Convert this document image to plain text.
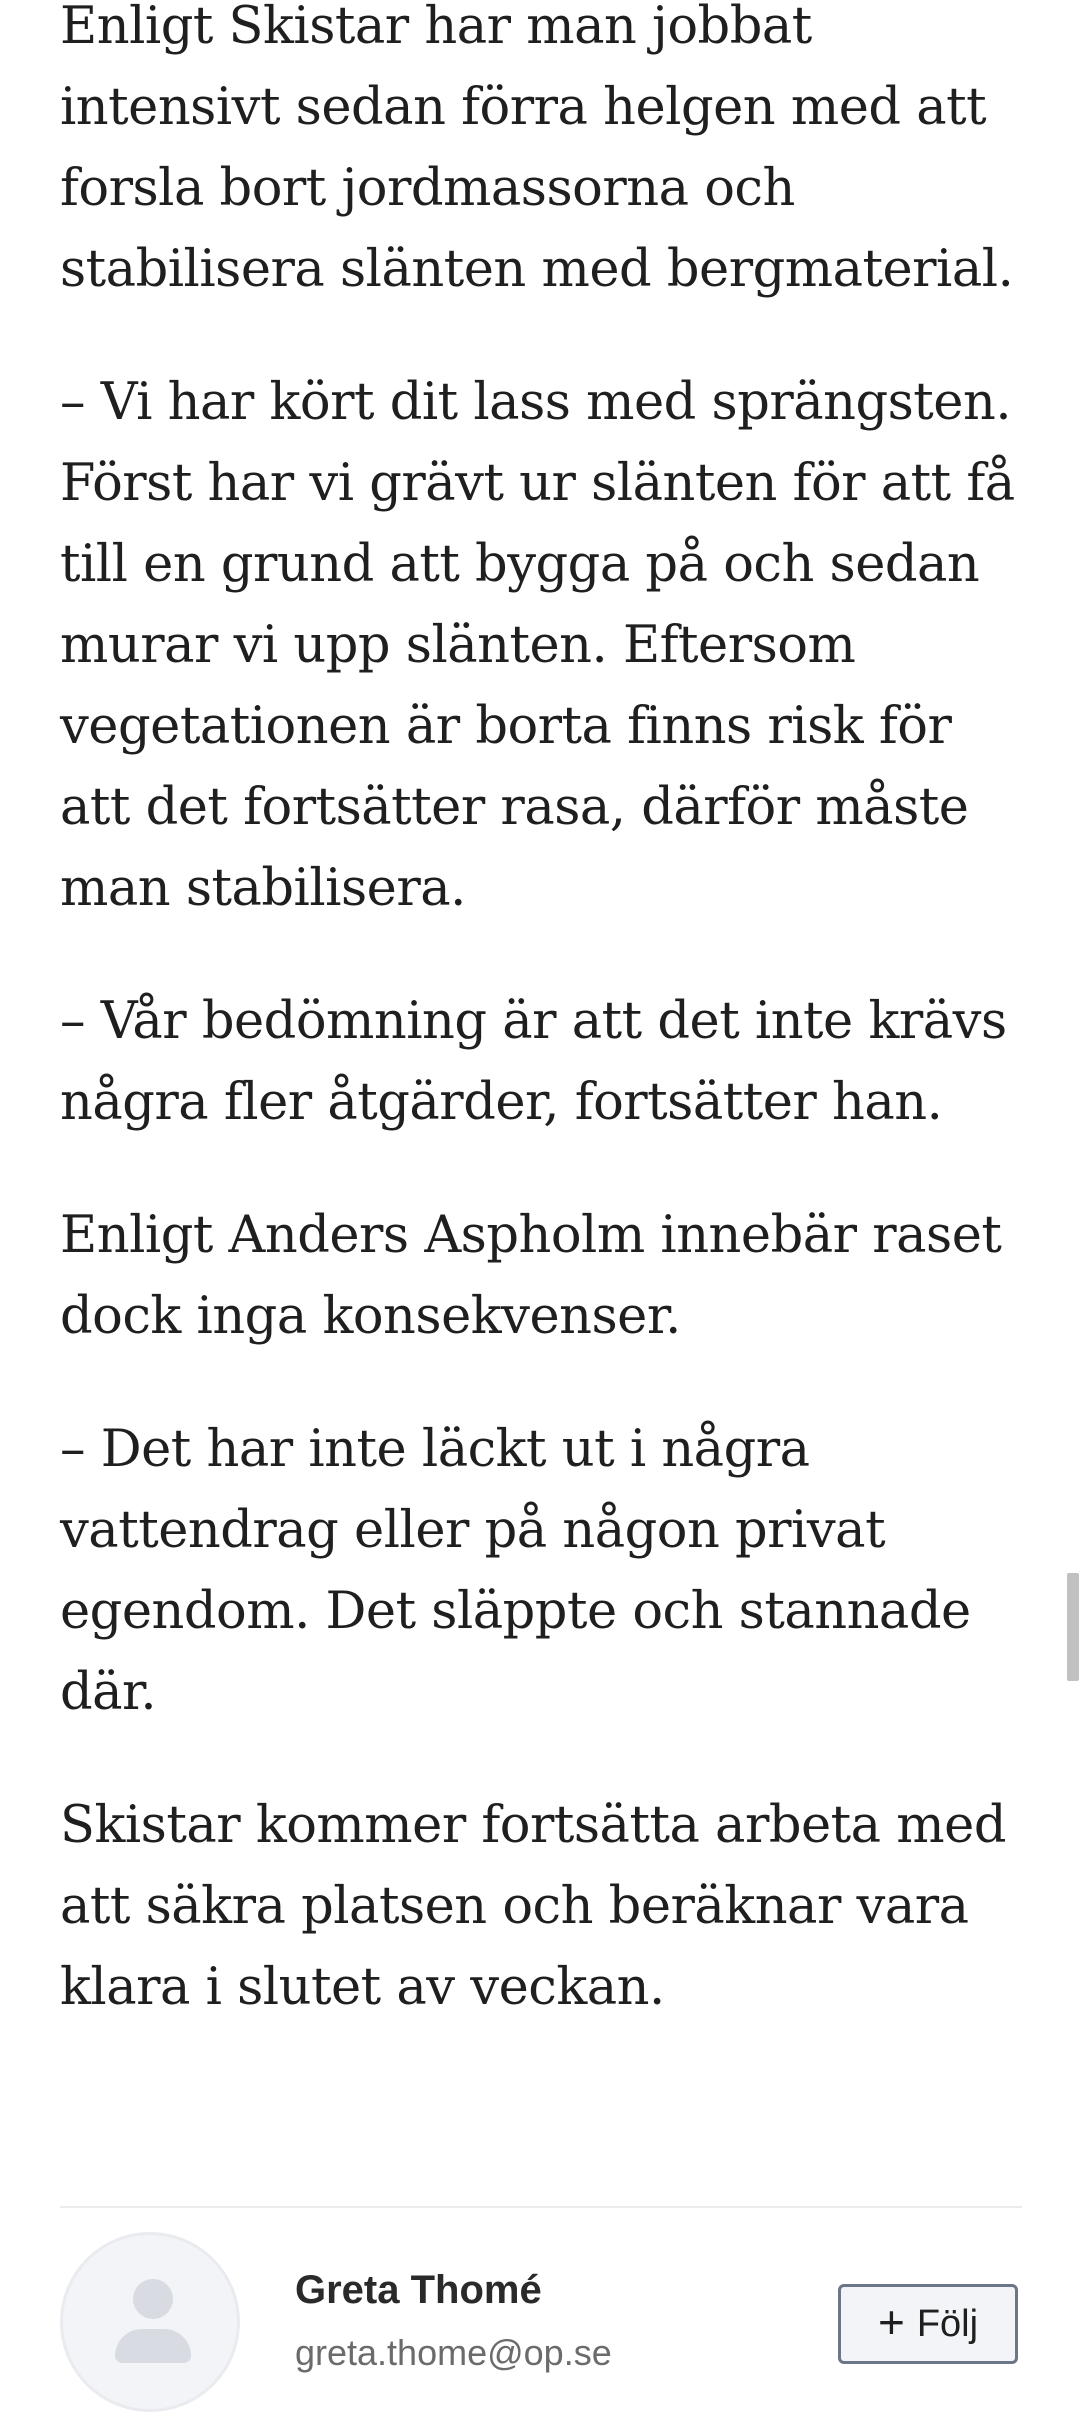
Enligt Skistar har man jobbat intensivt sedan förra helgen med att forsla bort jordmassorna och stabilisera slänten med bergmaterial.

– Vi har kört dit lass med sprängsten. Först har vi grävt ur slänten för att få till en grund att bygga på och sedan murar vi upp slänten. Eftersom vegetationen är borta finns risk för att det fortsätter rasa, därför måste man stabilisera.

– Vår bedömning är att det inte krävs några fler åtgärder, fortsätter han.

Enligt Anders Aspholm innebär raset dock inga konsekvenser.

– Det har inte läckt ut i några vattendrag eller på någon privat egendom. Det släppte och stannade där.

Skistar kommer fortsätta arbeta med att säkra platsen och beräknar vara klara i slutet av veckan.

Greta Thomé
greta.thome@op.se
+ Följ
